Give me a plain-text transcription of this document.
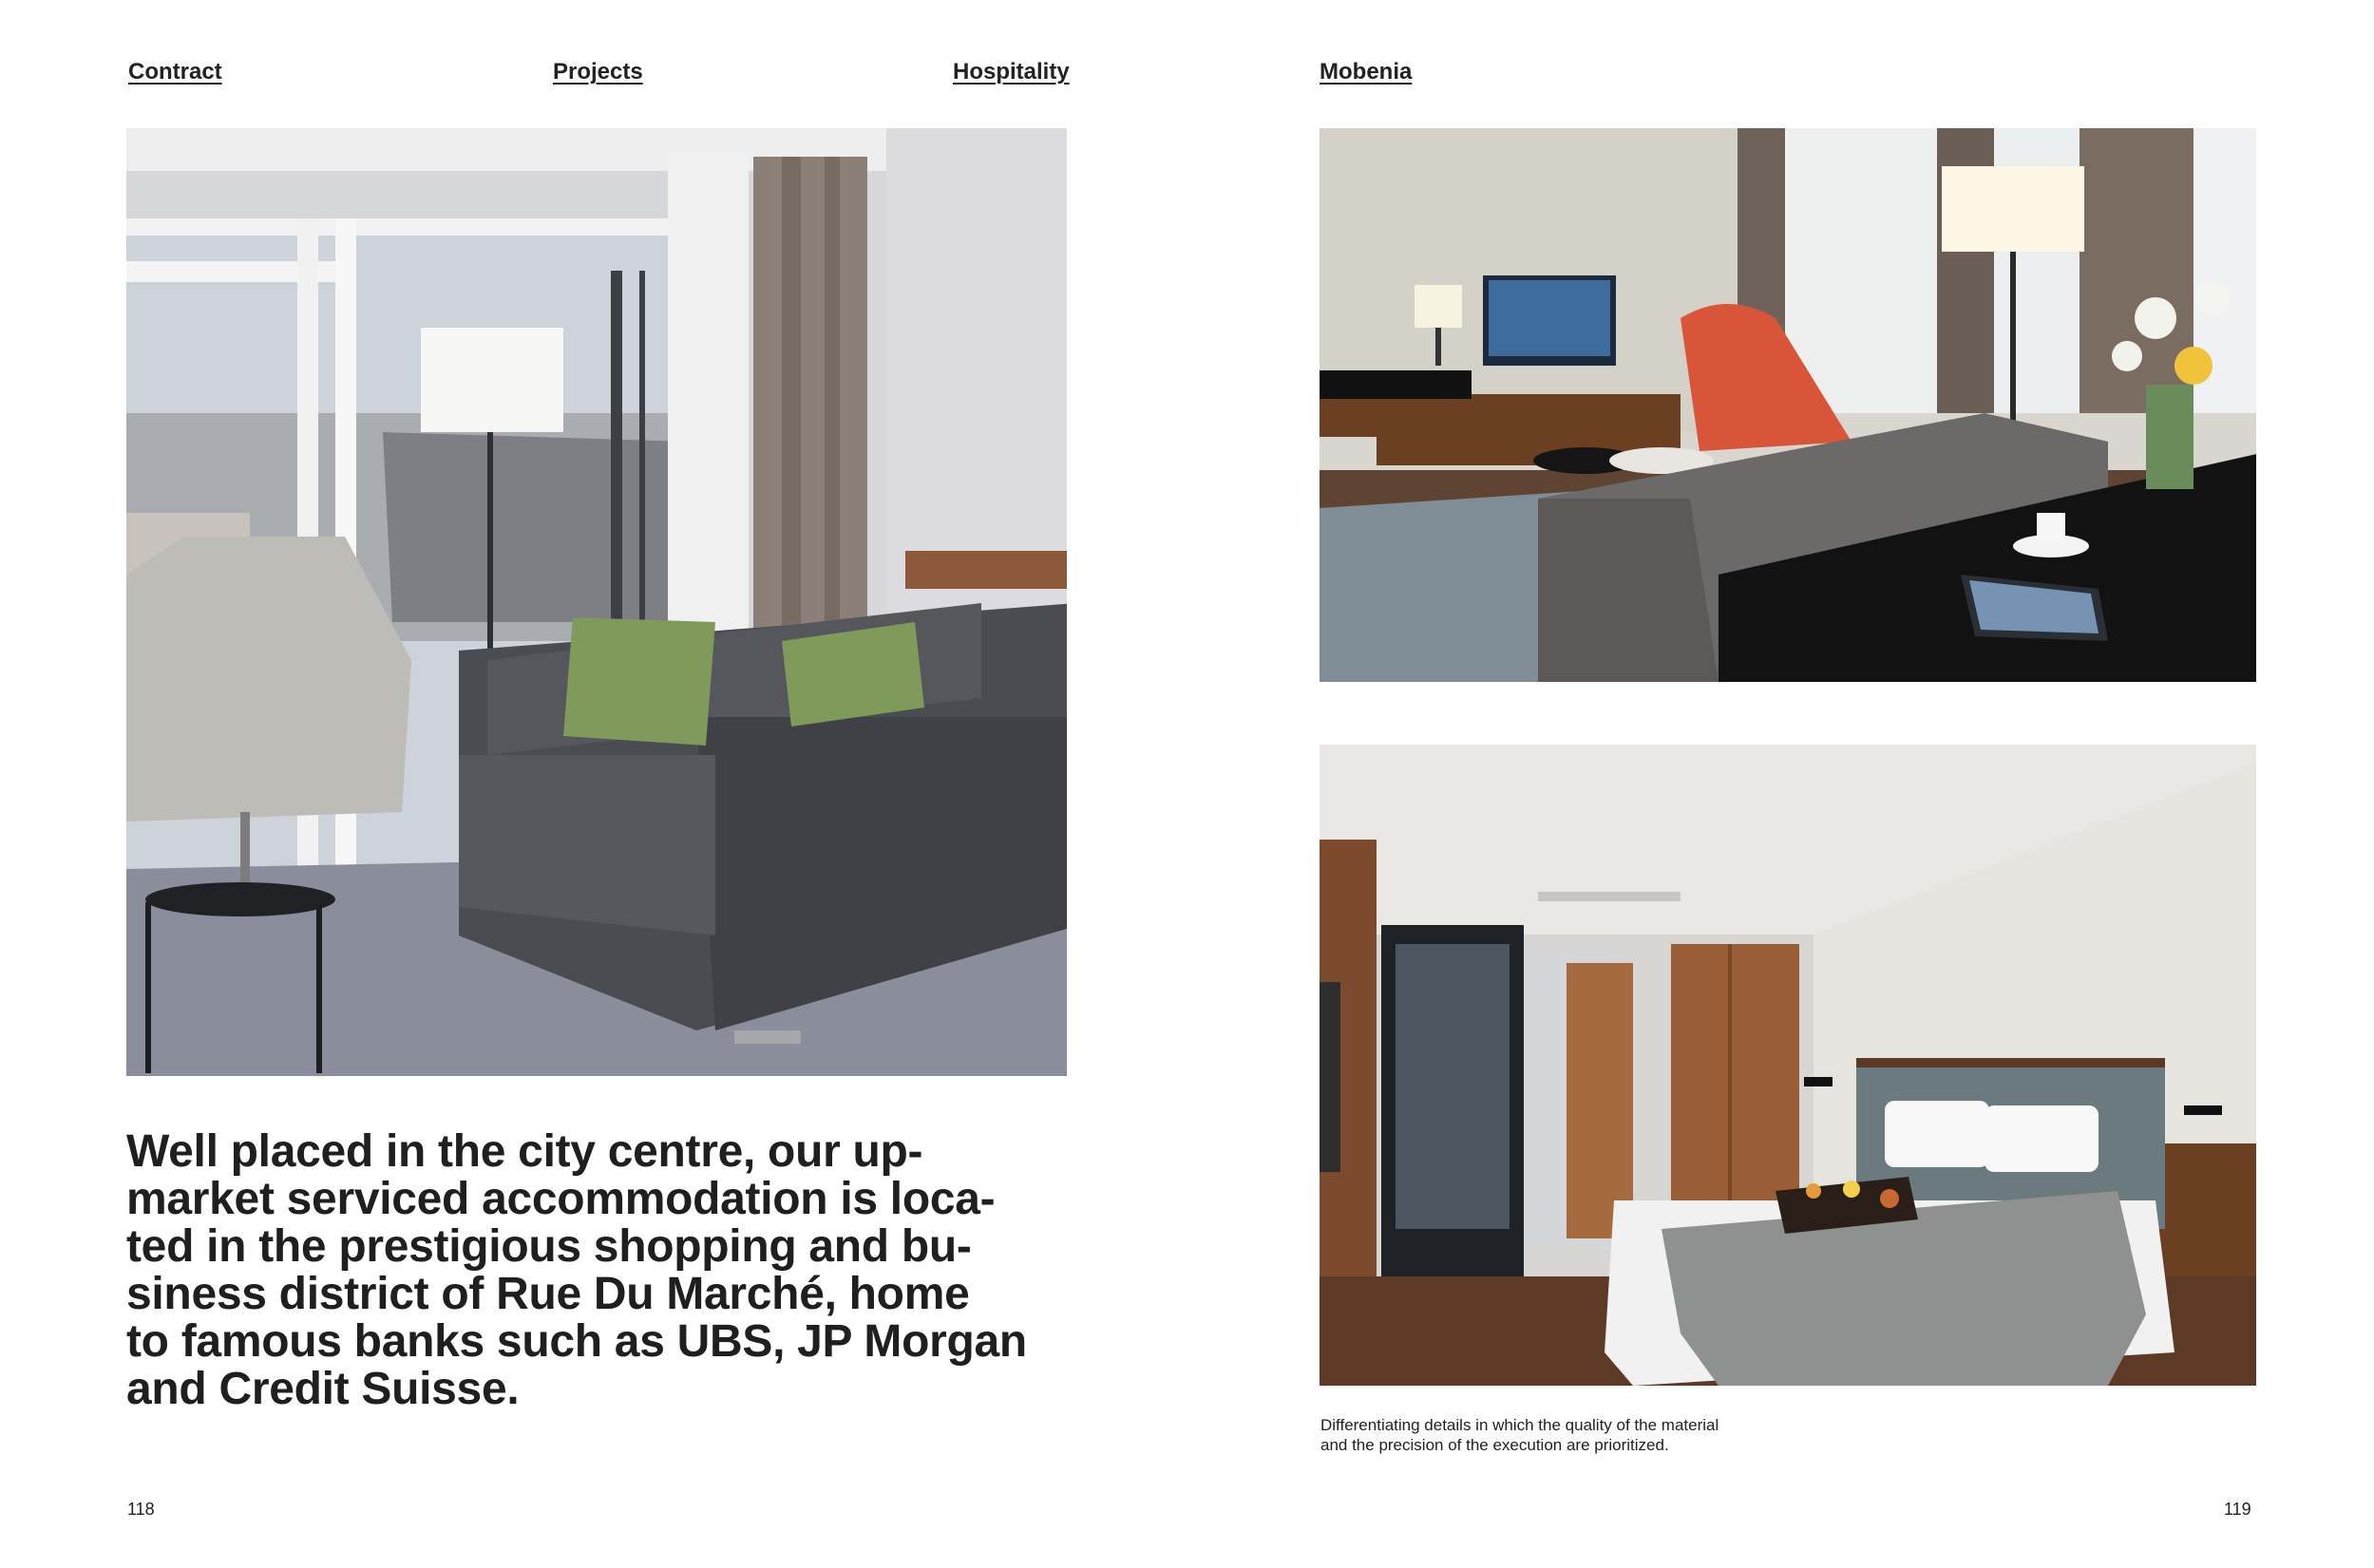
Contract	Projects	Hospitality	Mobenia

Well placed in the city centre, our up-
market serviced accommodation is loca-
ted in the prestigious shopping and bu-
siness district of Rue Du Marché, home
to famous banks such as UBS, JP Morgan
and Credit Suisse.

Differentiating details in which the quality of the material
and the precision of the execution are prioritized.
118	119
